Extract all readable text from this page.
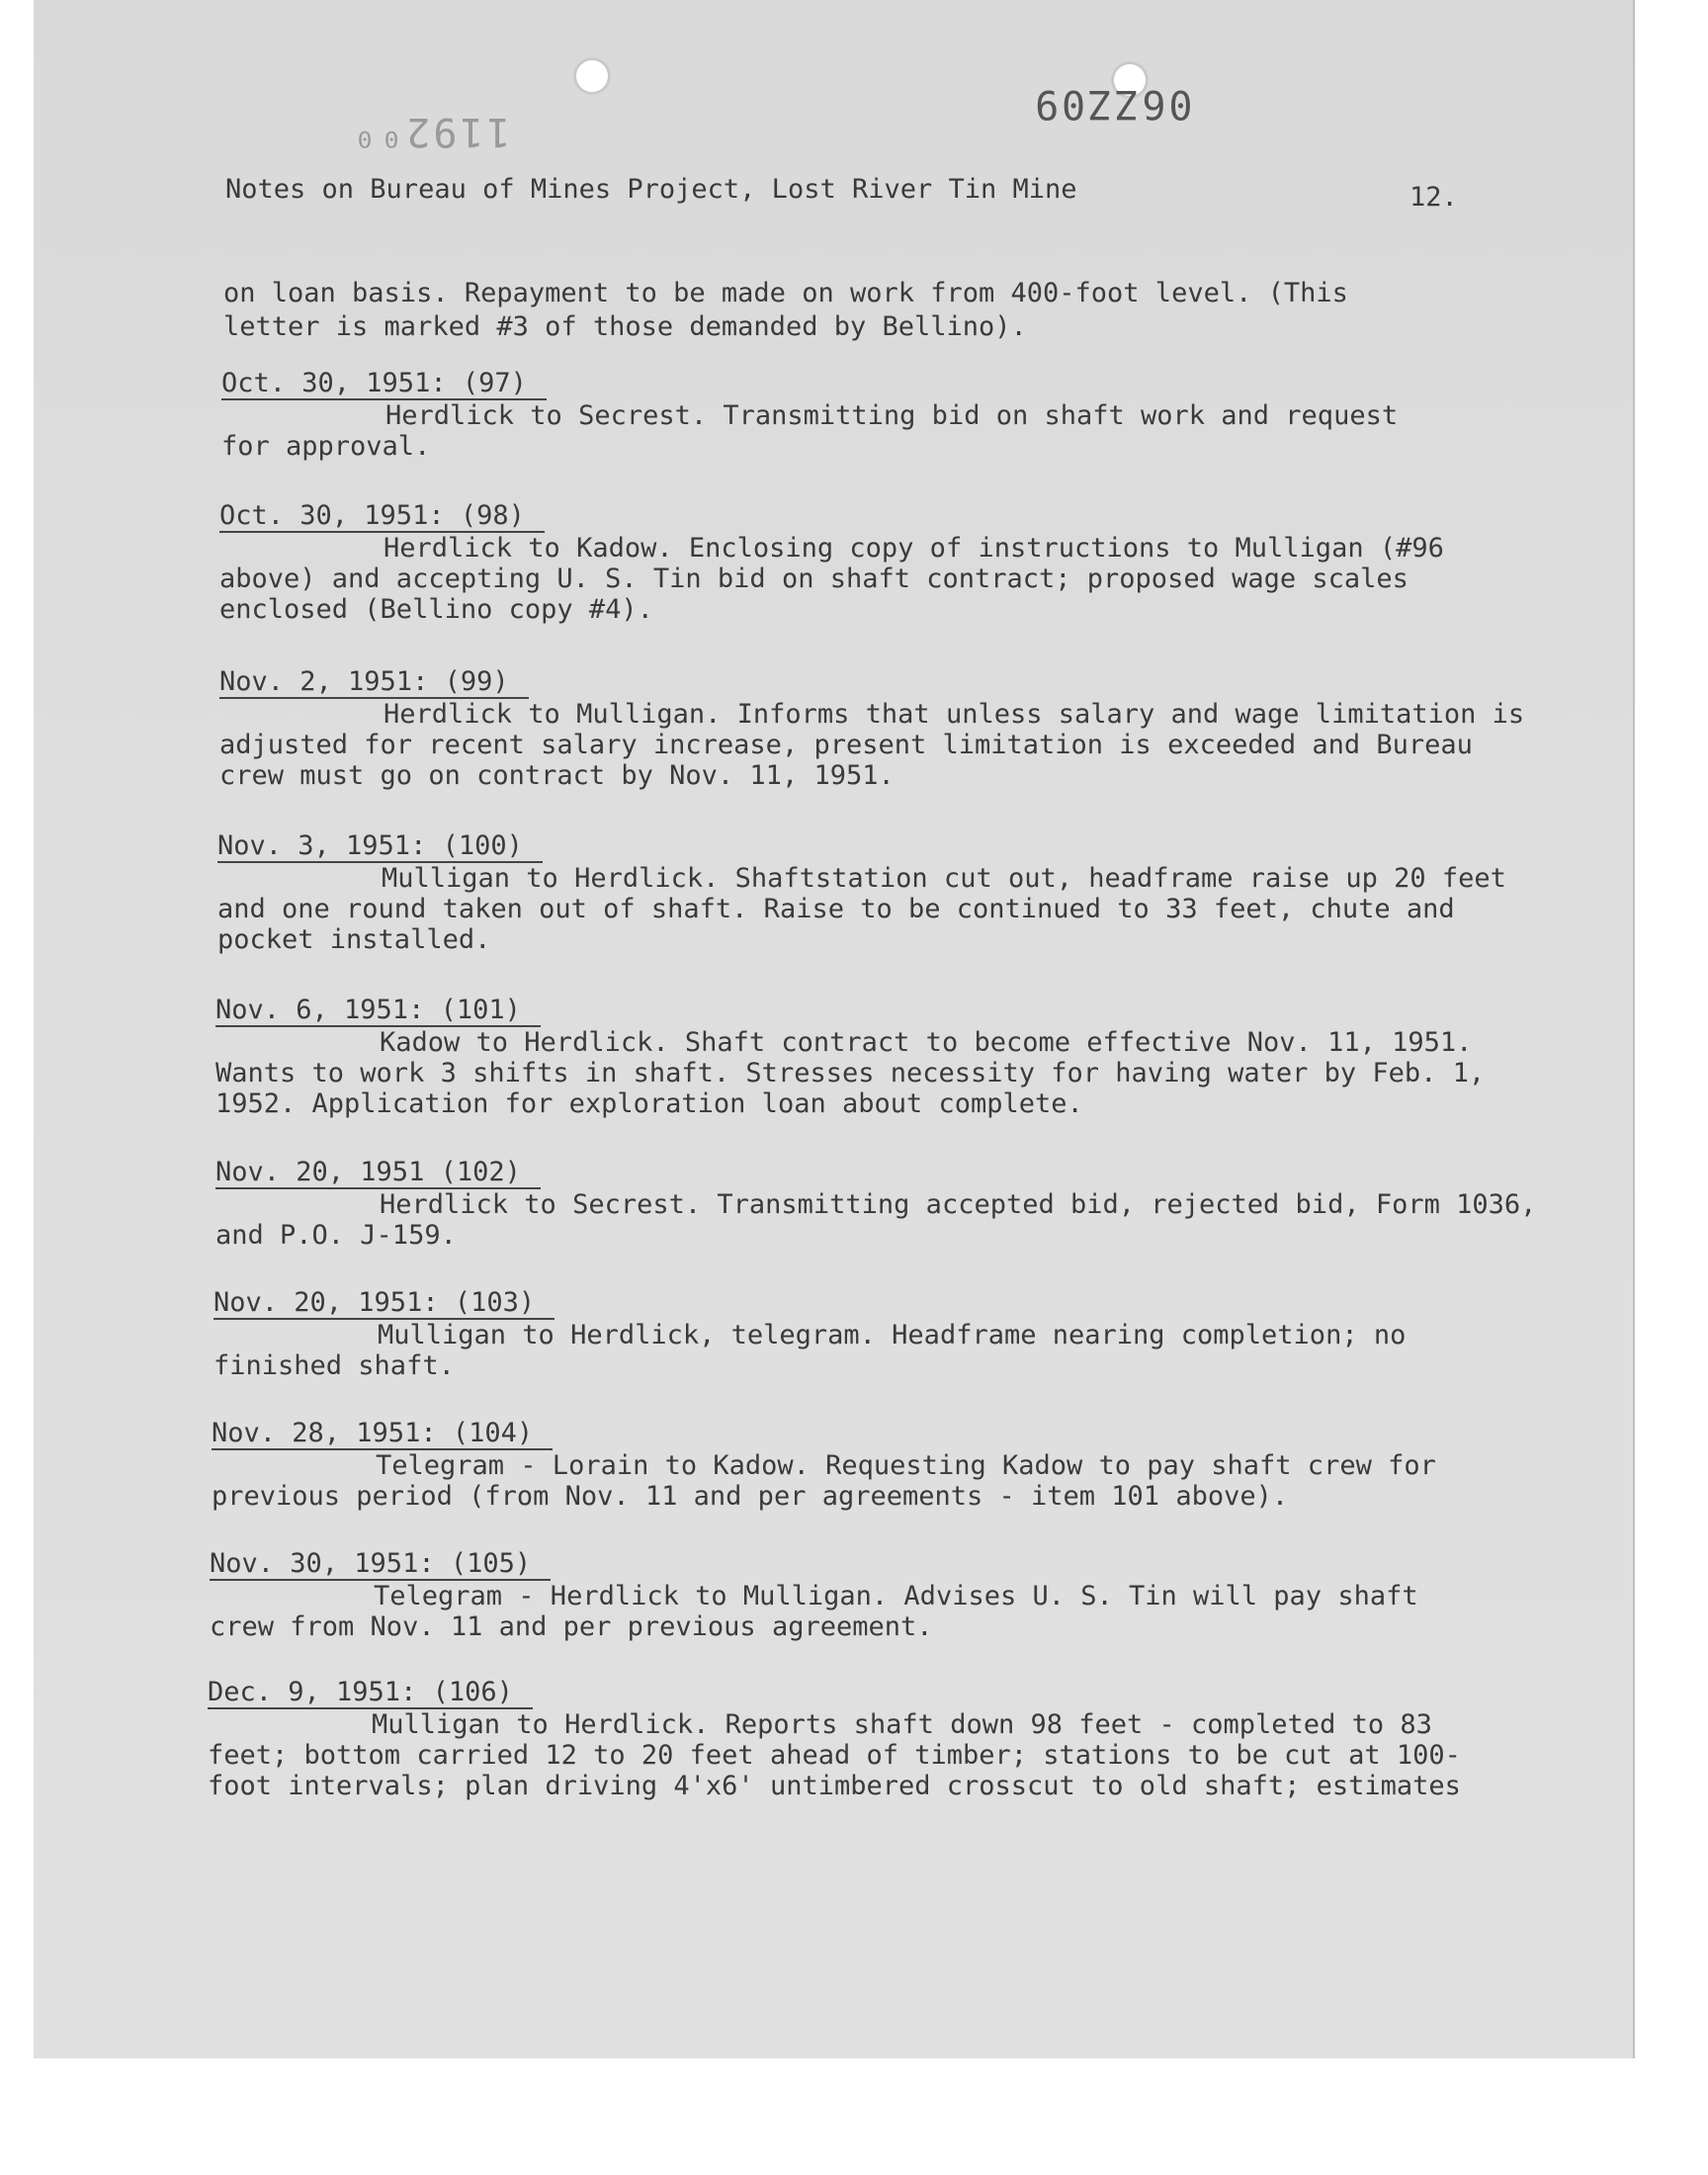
1192⁰⁰
06ZZ09
Notes on Bureau of Mines Project, Lost River Tin Mine	12.
on loan basis. Repayment to be made on work from 400-foot level. (This letter is marked #3 of those demanded by Bellino).
Oct. 30, 1951: (97)
Herdlick to Secrest. Transmitting bid on shaft work and request for approval.
Oct. 30, 1951: (98)
Herdlick to Kadow. Enclosing copy of instructions to Mulligan (#96 above) and accepting U. S. Tin bid on shaft contract; proposed wage scales enclosed (Bellino copy #4).
Nov. 2, 1951: (99)
Herdlick to Mulligan. Informs that unless salary and wage limitation is adjusted for recent salary increase, present limitation is exceeded and Bureau crew must go on contract by Nov. 11, 1951.
Nov. 3, 1951: (100)
Mulligan to Herdlick. Shaftstation cut out, headframe raise up 20 feet and one round taken out of shaft. Raise to be continued to 33 feet, chute and pocket installed.
Nov. 6, 1951: (101)
Kadow to Herdlick. Shaft contract to become effective Nov. 11, 1951. Wants to work 3 shifts in shaft. Stresses necessity for having water by Feb. 1, 1952. Application for exploration loan about complete.
Nov. 20, 1951 (102)
Herdlick to Secrest. Transmitting accepted bid, rejected bid, Form 1036, and P.O. J-159.
Nov. 20, 1951: (103)
Mulligan to Herdlick, telegram. Headframe nearing completion; no finished shaft.
Nov. 28, 1951: (104)
Telegram - Lorain to Kadow. Requesting Kadow to pay shaft crew for previous period (from Nov. 11 and per agreements - item 101 above).
Nov. 30, 1951: (105)
Telegram - Herdlick to Mulligan. Advises U. S. Tin will pay shaft crew from Nov. 11 and per previous agreement.
Dec. 9, 1951: (106)
Mulligan to Herdlick. Reports shaft down 98 feet - completed to 83 feet; bottom carried 12 to 20 feet ahead of timber; stations to be cut at 100-foot intervals; plan driving 4'x6' untimbered crosscut to old shaft; estimates
